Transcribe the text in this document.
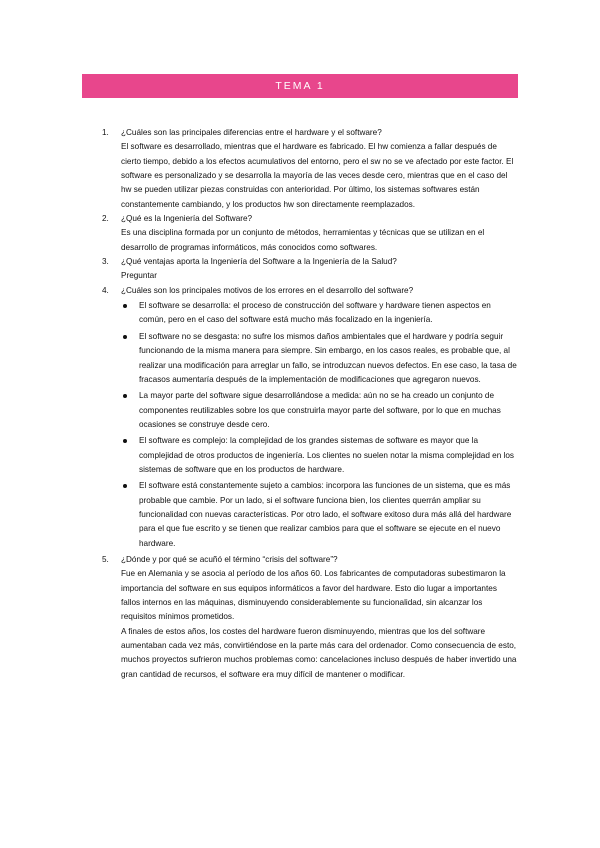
TEMA 1
1.	¿Cuáles son las principales diferencias entre el hardware y el software?
El software es desarrollado, mientras que el hardware es fabricado. El hw comienza a fallar después de cierto tiempo, debido a los efectos acumulativos del entorno, pero el sw no se ve afectado por este factor. El software es personalizado y se desarrolla la mayoría de las veces desde cero, mientras que en el caso del hw se pueden utilizar piezas construidas con anterioridad. Por último, los sistemas softwares están constantemente cambiando, y los productos hw son directamente reemplazados.
2.	¿Qué es la Ingeniería del Software?
Es una disciplina formada por un conjunto de métodos, herramientas y técnicas que se utilizan en el desarrollo de programas informáticos, más conocidos como softwares.
3.	¿Qué ventajas aporta la Ingeniería del Software a la Ingeniería de la Salud?
Preguntar
4.	¿Cuáles son los principales motivos de los errores en el desarrollo del software?
El software se desarrolla: el proceso de construcción del software y hardware tienen aspectos en común, pero en el caso del software está mucho más focalizado en la ingeniería.
El software no se desgasta: no sufre los mismos daños ambientales que el hardware y podría seguir funcionando de la misma manera para siempre. Sin embargo, en los casos reales, es probable que, al realizar una modificación para arreglar un fallo, se introduzcan nuevos defectos. En ese caso, la tasa de fracasos aumentaría después de la implementación de modificaciones que agregaron nuevos.
La mayor parte del software sigue desarrollándose a medida: aún no se ha creado un conjunto de componentes reutilizables sobre los que construirla mayor parte del software, por lo que en muchas ocasiones se construye desde cero.
El software es complejo: la complejidad de los grandes sistemas de software es mayor que la complejidad de otros productos de ingeniería. Los clientes no suelen notar la misma complejidad en los sistemas de software que en los productos de hardware.
El software está constantemente sujeto a cambios: incorpora las funciones de un sistema, que es más probable que cambie. Por un lado, si el software funciona bien, los clientes querrán ampliar su funcionalidad con nuevas características. Por otro lado, el software exitoso dura más allá del hardware para el que fue escrito y se tienen que realizar cambios para que el software se ejecute en el nuevo hardware.
5.	¿Dónde y por qué se acuñó el término “crisis del software”?
Fue en Alemania y se asocia al período de los años 60. Los fabricantes de computadoras subestimaron la importancia del software en sus equipos informáticos a favor del hardware. Esto dio lugar a importantes fallos internos en las máquinas, disminuyendo considerablemente su funcionalidad, sin alcanzar los requisitos mínimos prometidos.
A finales de estos años, los costes del hardware fueron disminuyendo, mientras que los del software aumentaban cada vez más, convirtiéndose en la parte más cara del ordenador. Como consecuencia de esto, muchos proyectos sufrieron muchos problemas como: cancelaciones incluso después de haber invertido una gran cantidad de recursos, el software era muy difícil de mantener o modificar.
